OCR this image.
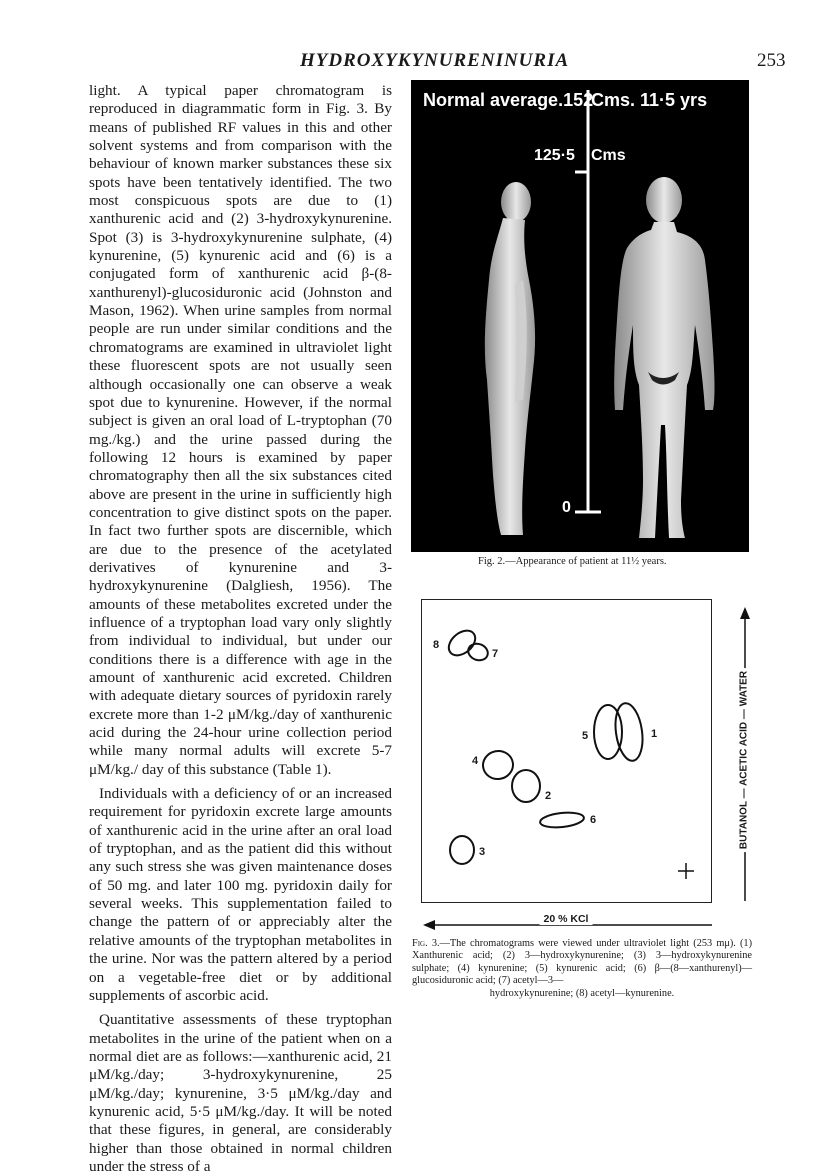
HYDROXYKYNURENINURIA	253

light. A typical paper chromatogram is reproduced in diagrammatic form in Fig. 3. By means of published RF values in this and other solvent systems and from comparison with the behaviour of known marker substances these six spots have been tentatively identified. The two most conspicuous spots are due to (1) xanthurenic acid and (2) 3-hydroxykynurenine. Spot (3) is 3-hydroxykynurenine sulphate, (4) kynurenine, (5) kynurenic acid and (6) is a conjugated form of xanthurenic acid β-(8-xanthurenyl)-glucosiduronic acid (Johnston and Mason, 1962). When urine samples from normal people are run under similar conditions and the chromatograms are examined in ultraviolet light these fluorescent spots are not usually seen although occasionally one can observe a weak spot due to kynurenine. However, if the normal subject is given an oral load of L-tryptophan (70 mg./kg.) and the urine passed during the following 12 hours is examined by paper chromatography then all the six substances cited above are present in the urine in sufficiently high concentration to give distinct spots on the paper. In fact two further spots are discernible, which are due to the presence of the acetylated derivatives of kynurenine and 3-hydroxykynurenine (Dalgliesh, 1956). The amounts of these metabolites excreted under the influence of a tryptophan load vary only slightly from individual to individual, but under our conditions there is a difference with age in the amount of xanthurenic acid excreted. Children with adequate dietary sources of pyridoxin rarely excrete more than 1-2 μM/kg./day of xanthurenic acid during the 24-hour urine collection period while many normal adults will excrete 5-7 μM/kg./ day of this substance (Table 1).

Individuals with a deficiency of or an increased requirement for pyridoxin excrete large amounts of xanthurenic acid in the urine after an oral load of tryptophan, and as the patient did this without any such stress she was given maintenance doses of 50 mg. and later 100 mg. pyridoxin daily for several weeks. This supplementation failed to change the pattern of or appreciably alter the relative amounts of the tryptophan metabolites in the urine. Nor was the pattern altered by a period on a vegetable-free diet or by additional supplements of ascorbic acid.

Quantitative assessments of these tryptophan metabolites in the urine of the patient when on a normal diet are as follows:—xanthurenic acid, 21 μM/kg./day; 3-hydroxykynurenine, 25 μM/kg./day; kynurenine, 3·5 μM/kg./day and kynurenic acid, 5·5 μM/kg./day. It will be noted that these figures, in general, are considerably higher than those obtained in normal children under the stress of a

Normal average.152
Cms. 11·5 yrs
125·5 Cms
0
Fig. 2.—Appearance of patient at 11½ years.
8
7
5	1
4
2
6
3
BUTANOL — ACETIC ACID — WATER
20 % KCl
Fig. 3.—The chromatograms were viewed under ultraviolet light (253 mμ). (1) Xanthurenic acid; (2) 3—hydroxykynurenine; (3) 3—hydroxykynurenine sulphate; (4) kynurenine; (5) kynurenic acid; (6) β—(8—xanthurenyl)—glucosiduronic acid; (7) acetyl—3—
hydroxykynurenine; (8) acetyl—kynurenine.
